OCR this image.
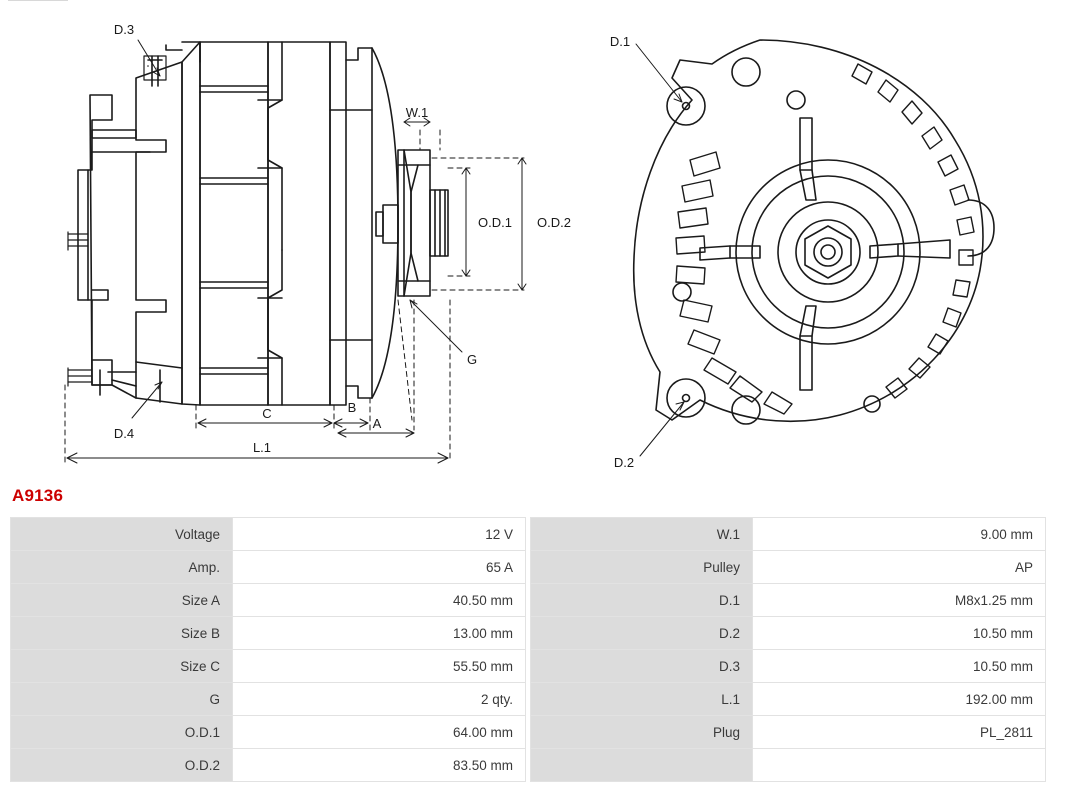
D.3
D.4
W.1
O.D.1 O.D.2
G
C	B
A
L.1
D.1
D.2
A9136
Voltage	12 V
Amp.	65 A
Size A	40.50 mm
Size B	13.00 mm
Size C	55.50 mm
G	2 qty.
O.D.1	64.00 mm
O.D.2	83.50 mm
W.1	9.00 mm
Pulley	AP
D.1	M8x1.25 mm
D.2	10.50 mm
D.3	10.50 mm
L.1	192.00 mm
Plug	PL_2811
